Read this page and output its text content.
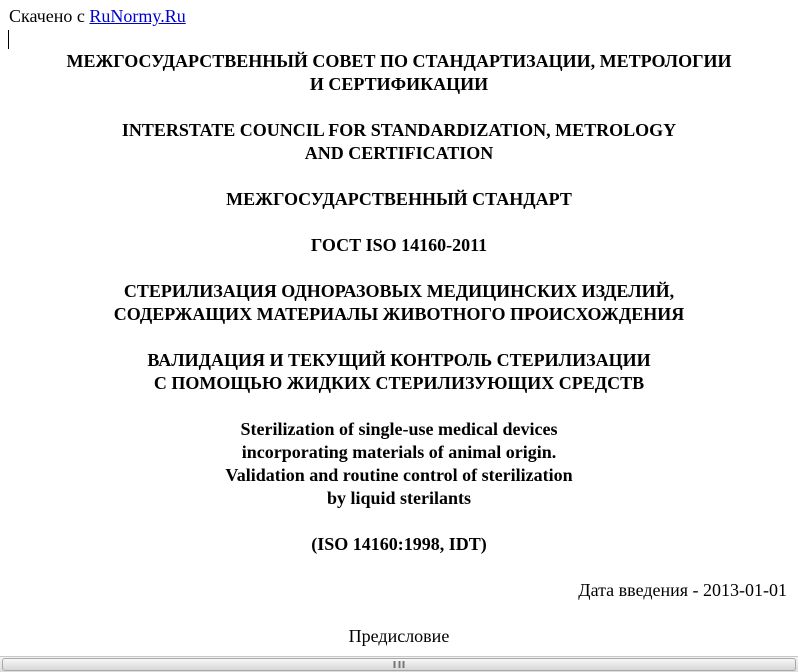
Скачено с RuNormy.Ru
МЕЖГОСУДАРСТВЕННЫЙ СОВЕТ ПО СТАНДАРТИЗАЦИИ, МЕТРОЛОГИИ
И СЕРТИФИКАЦИИ
INTERSTATE COUNCIL FOR STANDARDIZATION, METROLOGY
AND CERTIFICATION
МЕЖГОСУДАРСТВЕННЫЙ СТАНДАРТ
ГОСТ ISO 14160-2011
СТЕРИЛИЗАЦИЯ ОДНОРАЗОВЫХ МЕДИЦИНСКИХ ИЗДЕЛИЙ,
СОДЕРЖАЩИХ МАТЕРИАЛЫ ЖИВОТНОГО ПРОИСХОЖДЕНИЯ
ВАЛИДАЦИЯ И ТЕКУЩИЙ КОНТРОЛЬ СТЕРИЛИЗАЦИИ
С ПОМОЩЬЮ ЖИДКИХ СТЕРИЛИЗУЮЩИХ СРЕДСТВ
Sterilization of single-use medical devices
incorporating materials of animal origin.
Validation and routine control of sterilization
by liquid sterilants
(ISO 14160:1998, IDT)
Дата введения - 2013-01-01
Предисловие
